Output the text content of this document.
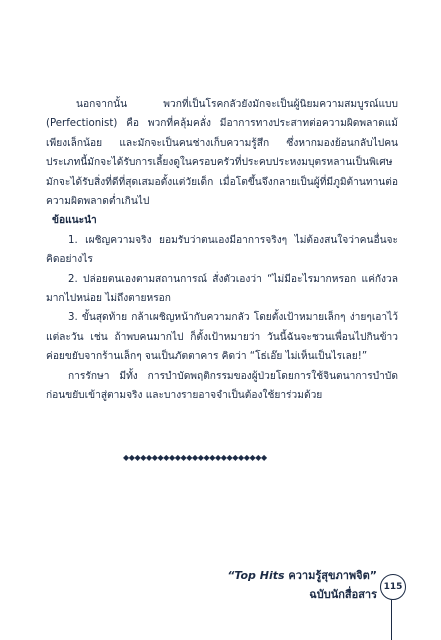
นอกจากนั้น พวกที่เป็นโรคกลัวยังมักจะเป็นผู้นิยมความสมบูรณ์แบบ (Perfectionist) คือ พวกที่คลุ้มคลั่ง มีอาการทางประสาทต่อความผิดพลาดแม้เพียงเล็กน้อย และมักจะเป็นคนช่างเก็บความรู้สึก ซึ่งหากมองย้อนกลับไปคนประเภทนี้มักจะได้รับการเลี้ยงดูในครอบครัวที่ประคบประหงมบุตรหลานเป็นพิเศษ มักจะได้รับสิ่งที่ดีที่สุดเสมอตั้งแต่วัยเด็ก เมื่อโตขึ้นจึงกลายเป็นผู้ที่มีภูมิต้านทานต่อความผิดพลาดต่ำเกินไป

ข้อแนะนำ

1. เผชิญความจริง ยอมรับว่าตนเองมีอาการจริงๆ ไม่ต้องสนใจว่าคนอื่นจะคิดอย่างไร

2. ปล่อยตนเองตามสถานการณ์ สั่งตัวเองว่า “ไม่มีอะไรมากหรอก แค่กังวลมากไปหน่อย ไม่ถึงตายหรอก

3. ขั้นสุดท้าย กล้าเผชิญหน้ากับความกลัว โดยตั้งเป้าหมายเล็กๆ ง่ายๆเอาไว้แต่ละวัน เช่น ถ้าพบคนมากไป ก็ตั้งเป้าหมายว่า วันนี้ฉันจะชวนเพื่อนไปกินข้าว ค่อยขยับจากร้านเล็กๆ จนเป็นภัตตาคาร คิดว่า “โธ่เอ๊ย ไม่เห็นเป็นไรเลย!”

การรักษา มีทั้ง การบำบัดพฤติกรรมของผู้ป่วยโดยการใช้จินตนาการบำบัดก่อนขยับเข้าสู่ตามจริง และบางรายอาจจำเป็นต้องใช้ยาร่วมด้วย

◆◆◆◆◆◆◆◆◆◆◆◆◆◆◆◆◆◆◆◆◆◆◆◆◆
“Top Hits ความรู้สุขภาพจิต”
ฉบับนักสื่อสาร
115
